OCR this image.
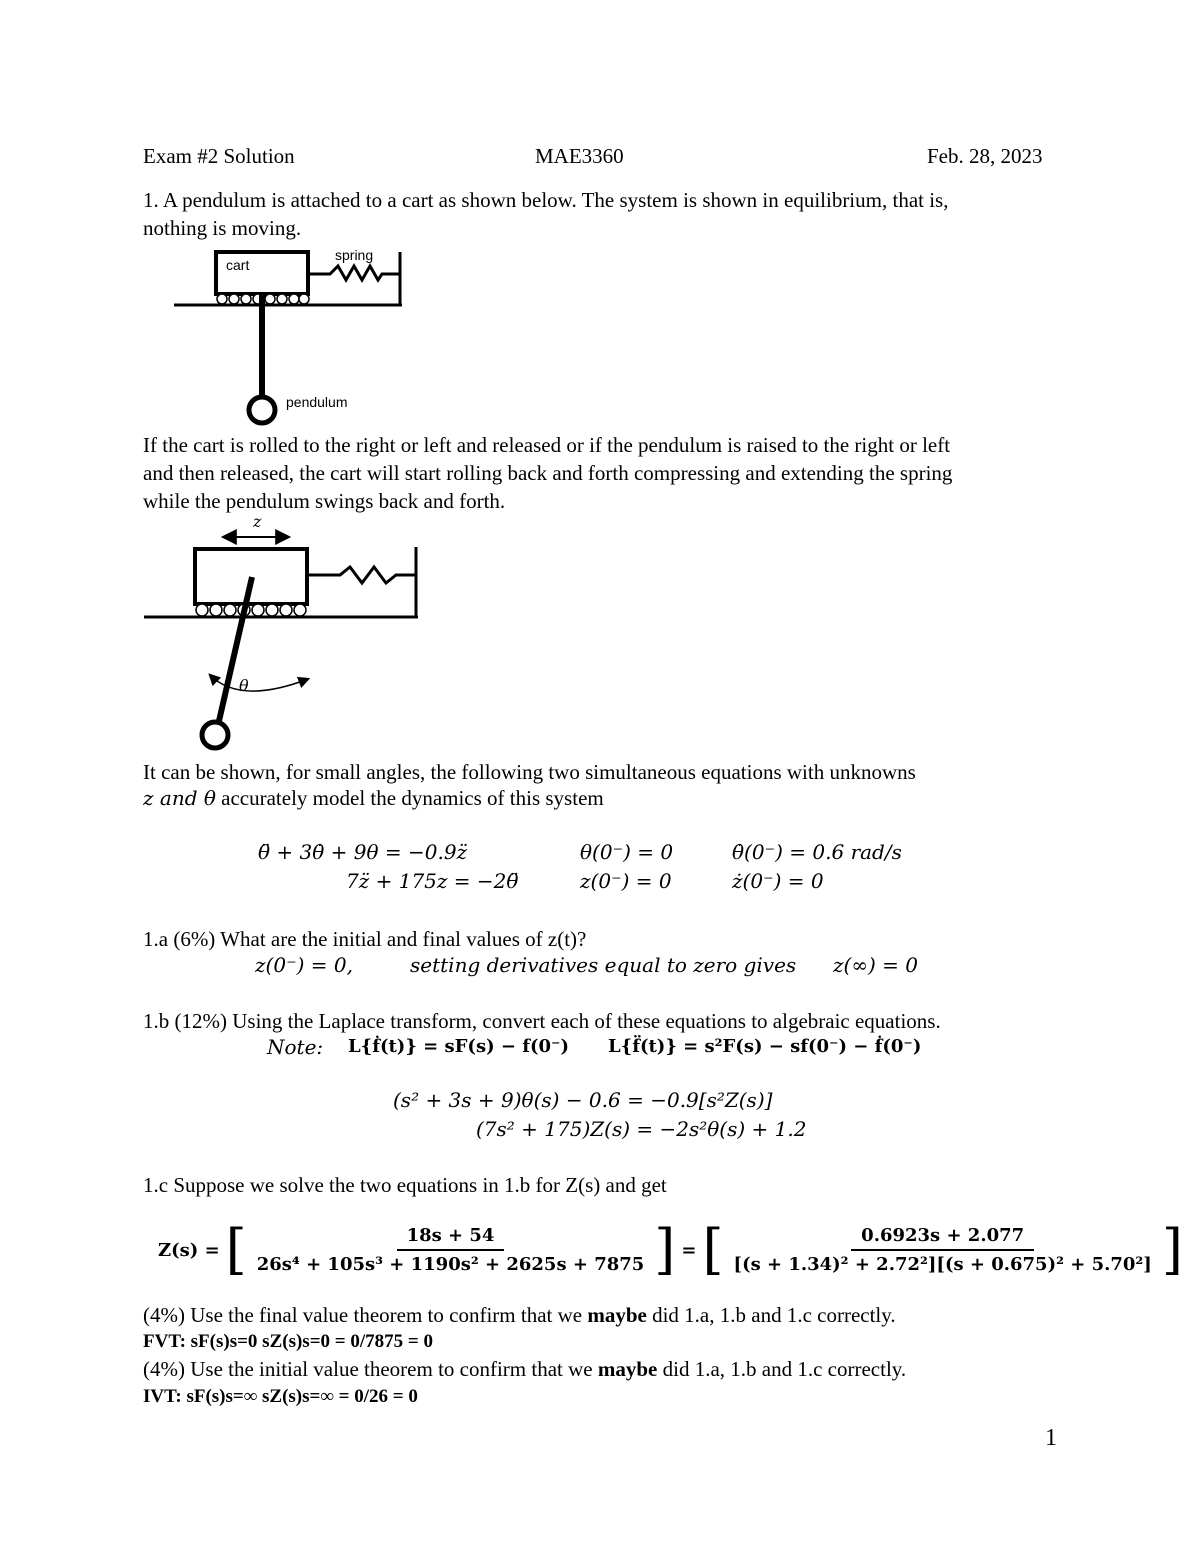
Exam #2 Solution	MAE3360	Feb. 28, 2023
1. A pendulum is attached to a cart as shown below. The system is shown in equilibrium, that is,
nothing is moving.
cart
spring
pendulum
If the cart is rolled to the right or left and released or if the pendulum is raised to the right or left
and then released, the cart will start rolling back and forth compressing and extending the spring
while the pendulum swings back and forth.
z
θ
It can be shown, for small angles, the following two simultaneous equations with unknowns
z and θ accurately model the dynamics of this system
θ̈ + 3θ̇ + 9θ = −0.9z̈	θ(0⁻) = 0	θ̇(0⁻) = 0.6 rad/s
7z̈ + 175z = −2θ̈	z(0⁻) = 0	ż(0⁻) = 0
1.a (6%) What are the initial and final values of z(t)?
z(0⁻) = 0,	setting derivatives equal to zero gives z(∞) = 0
1.b (12%) Using the Laplace transform, convert each of these equations to algebraic equations.
Note: L{ḟ(t)} = sF(s) − f(0⁻) L{f̈(t)} = s²F(s) − sf(0⁻) − ḟ(0⁻)
(s² + 3s + 9)θ(s) − 0.6 = −0.9[s²Z(s)]
(7s² + 175)Z(s) = −2s²θ(s) + 1.2
1.c Suppose we solve the two equations in 1.b for Z(s) and get
Z(s) = [ $\frac{18s + 54}{\text{26s⁴ + 105s³ + 1190s² + 2625s + 7875}}$ ] = [ $\frac{0.6923s + 2.077}{\text{[(s + 1.34)² + 2.72²][(s + 0.675)² + 5.70²]}}$ ]
(4%) Use the final value theorem to confirm that we maybe did 1.a, 1.b and 1.c correctly.
FVT: sF(s)s=0 sZ(s)s=0 = 0/7875 = 0
(4%) Use the initial value theorem to confirm that we maybe did 1.a, 1.b and 1.c correctly.
IVT: sF(s)s=∞ sZ(s)s=∞ = 0/26 = 0
1
